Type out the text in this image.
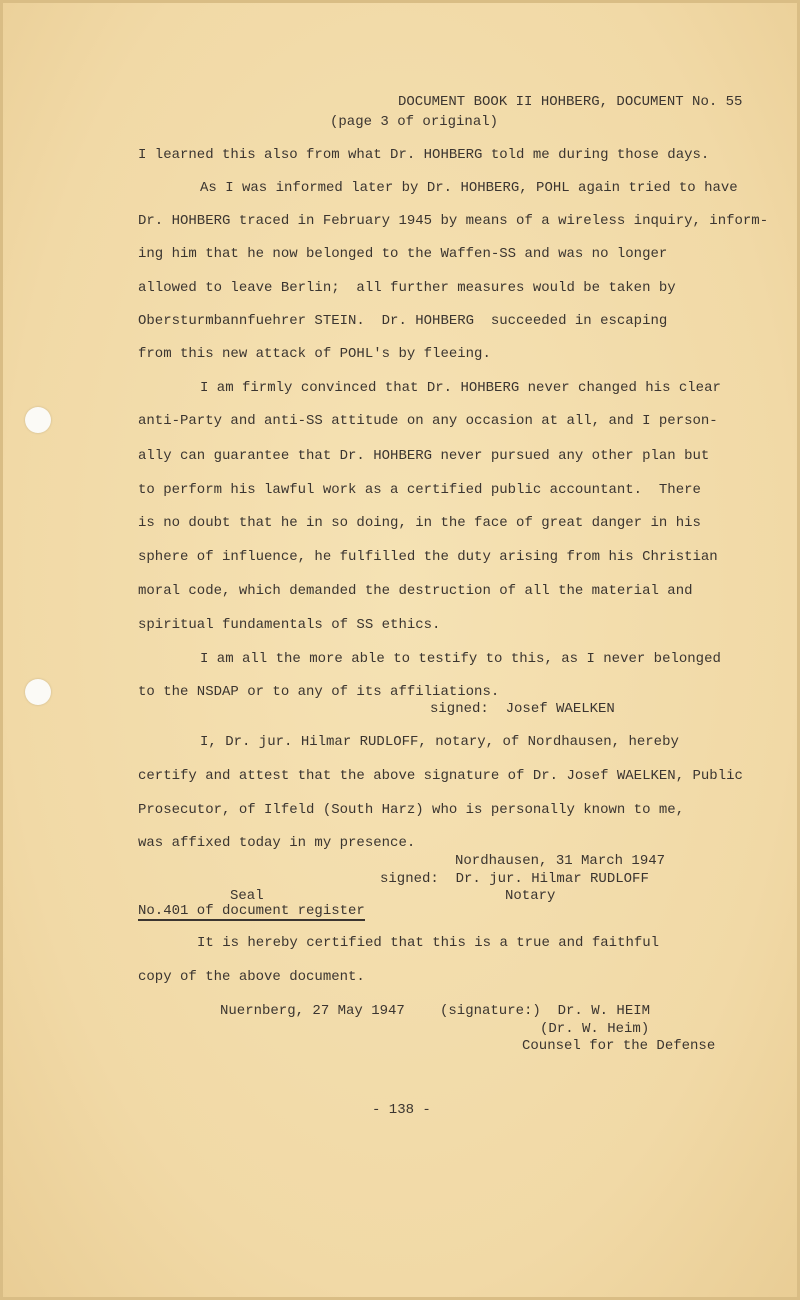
DOCUMENT BOOK II HOHBERG, DOCUMENT No. 55
(page 3 of original)
I learned this also from what Dr. HOHBERG told me during those days.
As I was informed later by Dr. HOHBERG, POHL again tried to have
Dr. HOHBERG traced in February 1945 by means of a wireless inquiry, inform-
ing him that he now belonged to the Waffen-SS and was no longer
allowed to leave Berlin;  all further measures would be taken by
Obersturmbannfuehrer STEIN.  Dr. HOHBERG  succeeded in escaping
from this new attack of POHL's by fleeing.
I am firmly convinced that Dr. HOHBERG never changed his clear
anti-Party and anti-SS attitude on any occasion at all, and I person-
ally can guarantee that Dr. HOHBERG never pursued any other plan but
to perform his lawful work as a certified public accountant.  There
is no doubt that he in so doing, in the face of great danger in his
sphere of influence, he fulfilled the duty arising from his Christian
moral code, which demanded the destruction of all the material and
spiritual fundamentals of SS ethics.
I am all the more able to testify to this, as I never belonged
to the NSDAP or to any of its affiliations.
signed:  Josef WAELKEN
I, Dr. jur. Hilmar RUDLOFF, notary, of Nordhausen, hereby
certify and attest that the above signature of Dr. Josef WAELKEN, Public
Prosecutor, of Ilfeld (South Harz) who is personally known to me,
was affixed today in my presence.
Nordhausen, 31 March 1947
signed:  Dr. jur. Hilmar RUDLOFF
Seal	Notary
No.401 of document register
It is hereby certified that this is a true and faithful
copy of the above document.
Nuernberg, 27 May 1947	(signature:)  Dr. W. HEIM
(Dr. W. Heim)
Counsel for the Defense
- 138 -
